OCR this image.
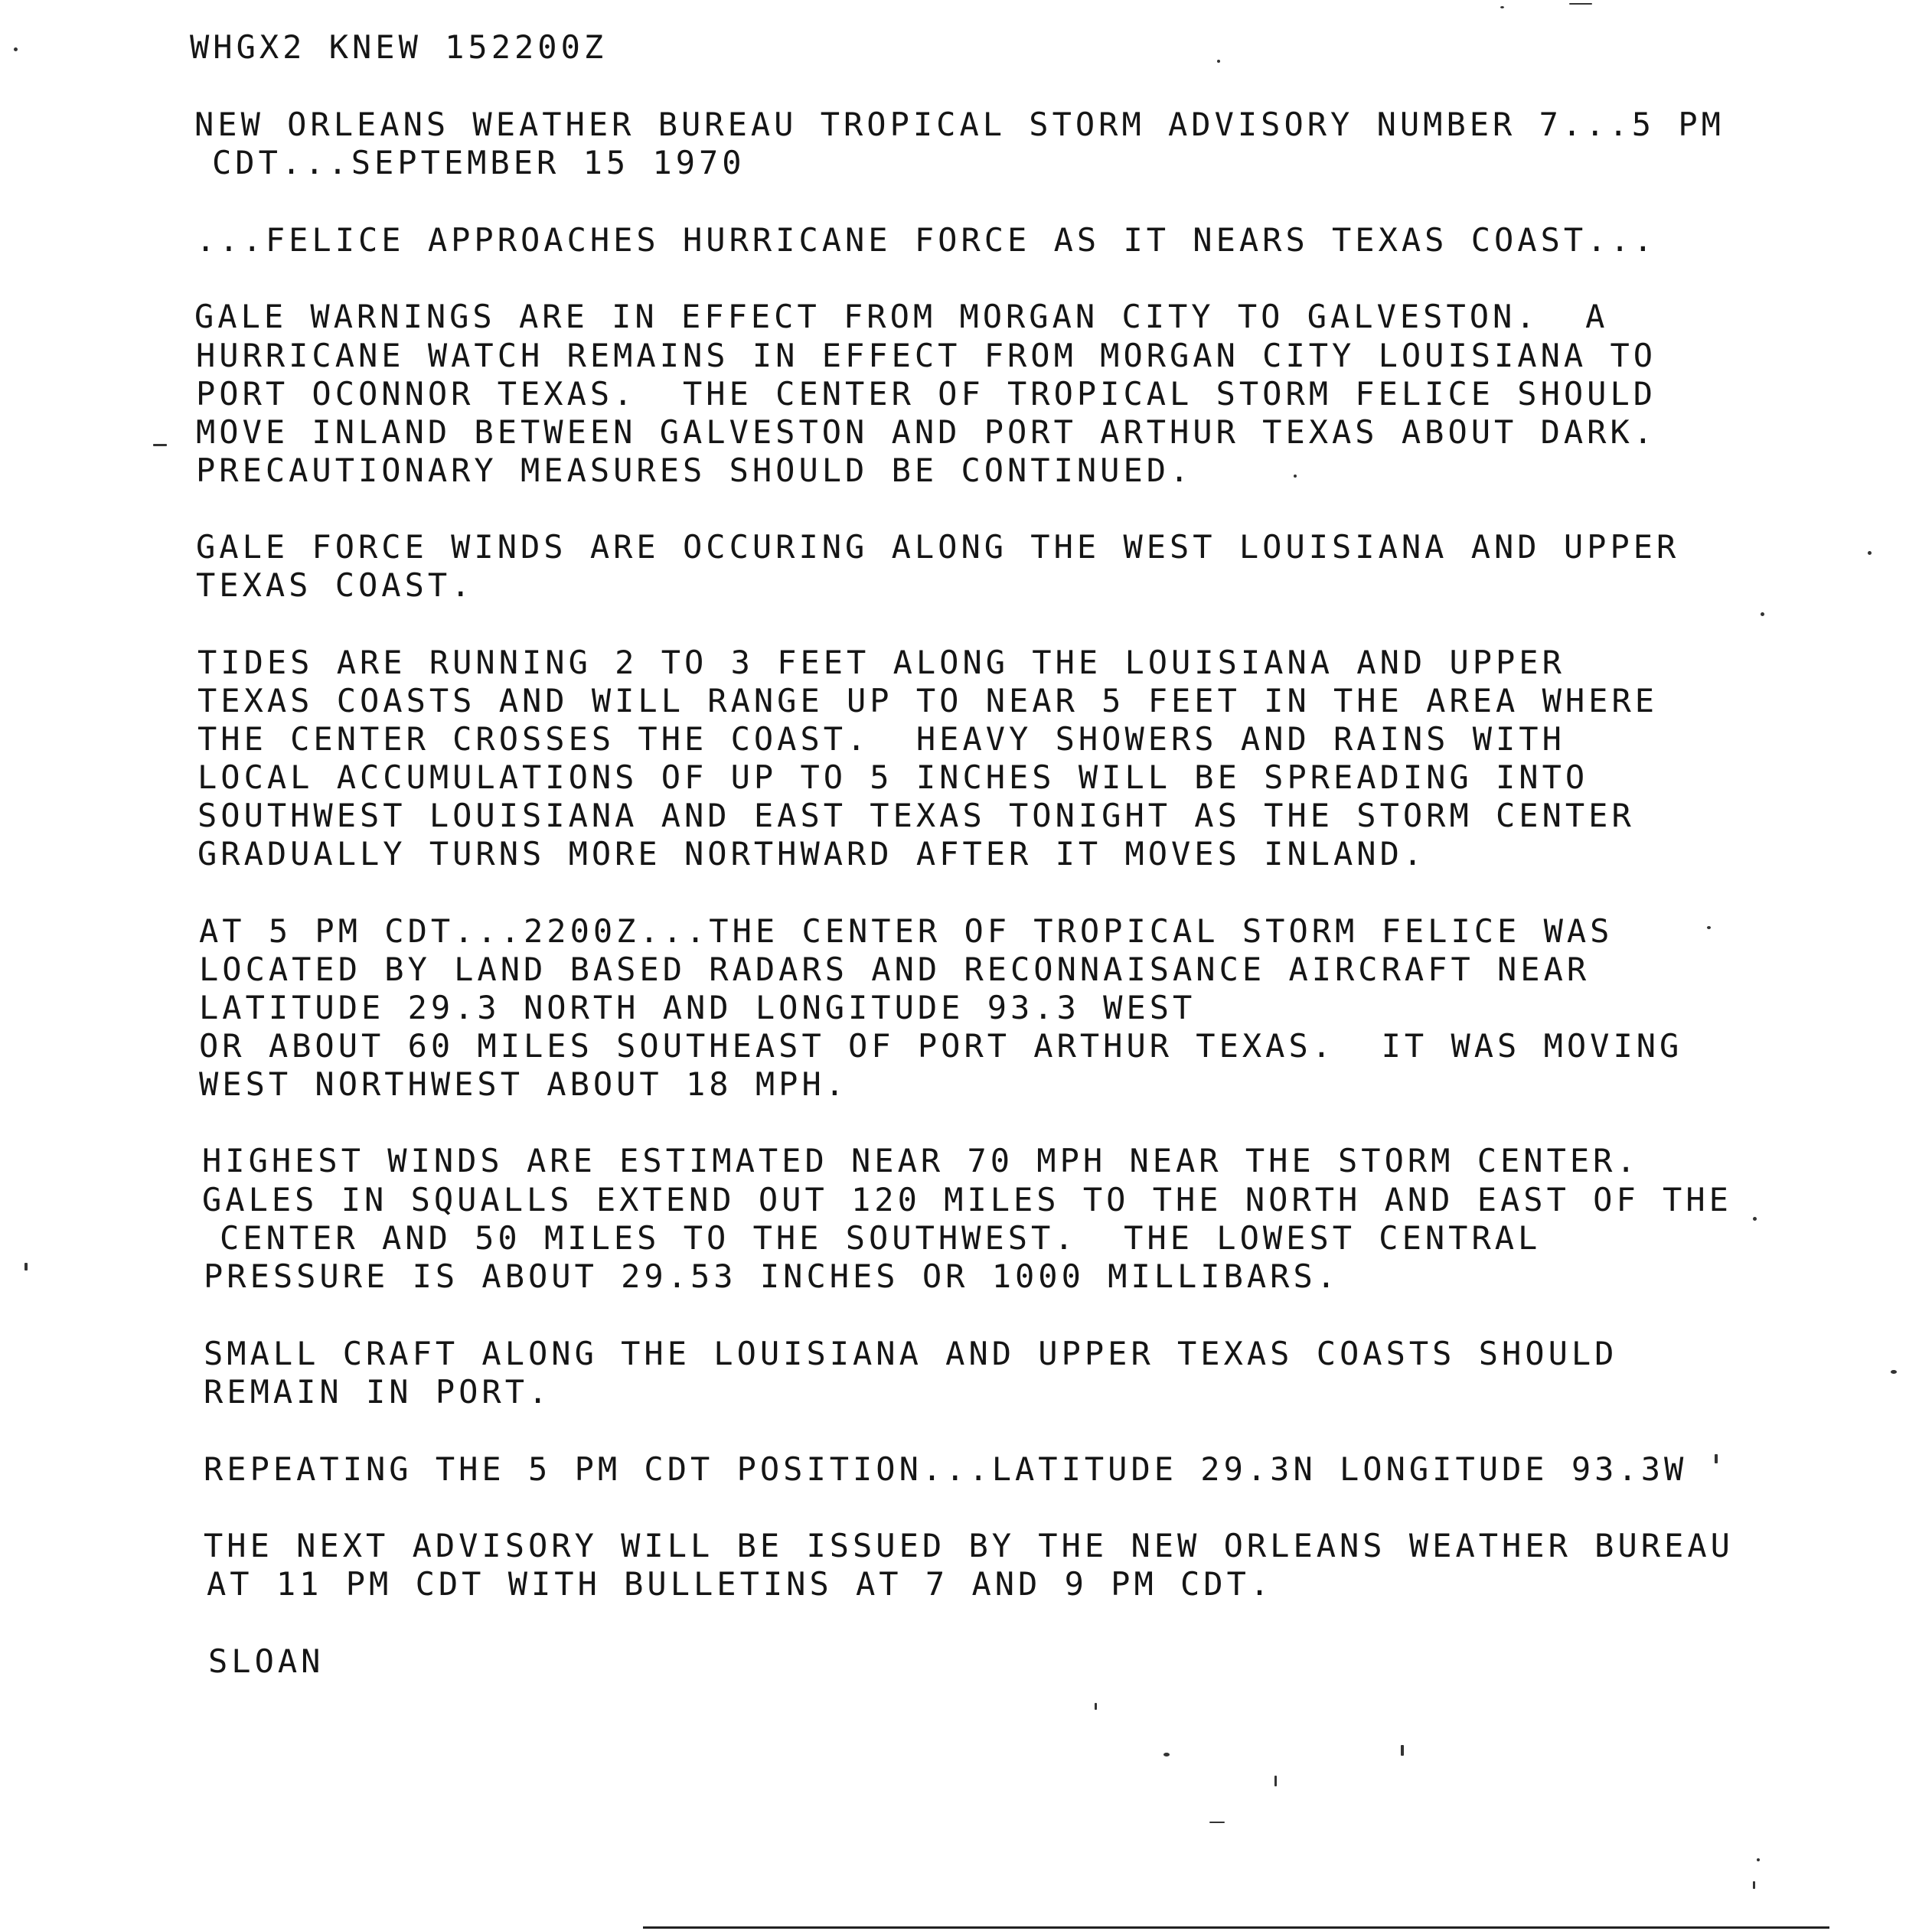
WHGX2 KNEW 152200Z
NEW ORLEANS WEATHER BUREAU TROPICAL STORM ADVISORY NUMBER 7...5 PM
CDT...SEPTEMBER 15 1970
...FELICE APPROACHES HURRICANE FORCE AS IT NEARS TEXAS COAST...
GALE WARNINGS ARE IN EFFECT FROM MORGAN CITY TO GALVESTON.  A
HURRICANE WATCH REMAINS IN EFFECT FROM MORGAN CITY LOUISIANA TO
PORT OCONNOR TEXAS.  THE CENTER OF TROPICAL STORM FELICE SHOULD
MOVE INLAND BETWEEN GALVESTON AND PORT ARTHUR TEXAS ABOUT DARK.
PRECAUTIONARY MEASURES SHOULD BE CONTINUED.
GALE FORCE WINDS ARE OCCURING ALONG THE WEST LOUISIANA AND UPPER
TEXAS COAST.
TIDES ARE RUNNING 2 TO 3 FEET ALONG THE LOUISIANA AND UPPER
TEXAS COASTS AND WILL RANGE UP TO NEAR 5 FEET IN THE AREA WHERE
THE CENTER CROSSES THE COAST.  HEAVY SHOWERS AND RAINS WITH
LOCAL ACCUMULATIONS OF UP TO 5 INCHES WILL BE SPREADING INTO
SOUTHWEST LOUISIANA AND EAST TEXAS TONIGHT AS THE STORM CENTER
GRADUALLY TURNS MORE NORTHWARD AFTER IT MOVES INLAND.
AT 5 PM CDT...2200Z...THE CENTER OF TROPICAL STORM FELICE WAS
LOCATED BY LAND BASED RADARS AND RECONNAISANCE AIRCRAFT NEAR
LATITUDE 29.3 NORTH AND LONGITUDE 93.3 WEST
OR ABOUT 60 MILES SOUTHEAST OF PORT ARTHUR TEXAS.  IT WAS MOVING
WEST NORTHWEST ABOUT 18 MPH.
HIGHEST WINDS ARE ESTIMATED NEAR 70 MPH NEAR THE STORM CENTER.
GALES IN SQUALLS EXTEND OUT 120 MILES TO THE NORTH AND EAST OF THE
CENTER AND 50 MILES TO THE SOUTHWEST.  THE LOWEST CENTRAL
PRESSURE IS ABOUT 29.53 INCHES OR 1000 MILLIBARS.
SMALL CRAFT ALONG THE LOUISIANA AND UPPER TEXAS COASTS SHOULD
REMAIN IN PORT.
REPEATING THE 5 PM CDT POSITION...LATITUDE 29.3N LONGITUDE 93.3W
THE NEXT ADVISORY WILL BE ISSUED BY THE NEW ORLEANS WEATHER BUREAU
AT 11 PM CDT WITH BULLETINS AT 7 AND 9 PM CDT.
SLOAN
